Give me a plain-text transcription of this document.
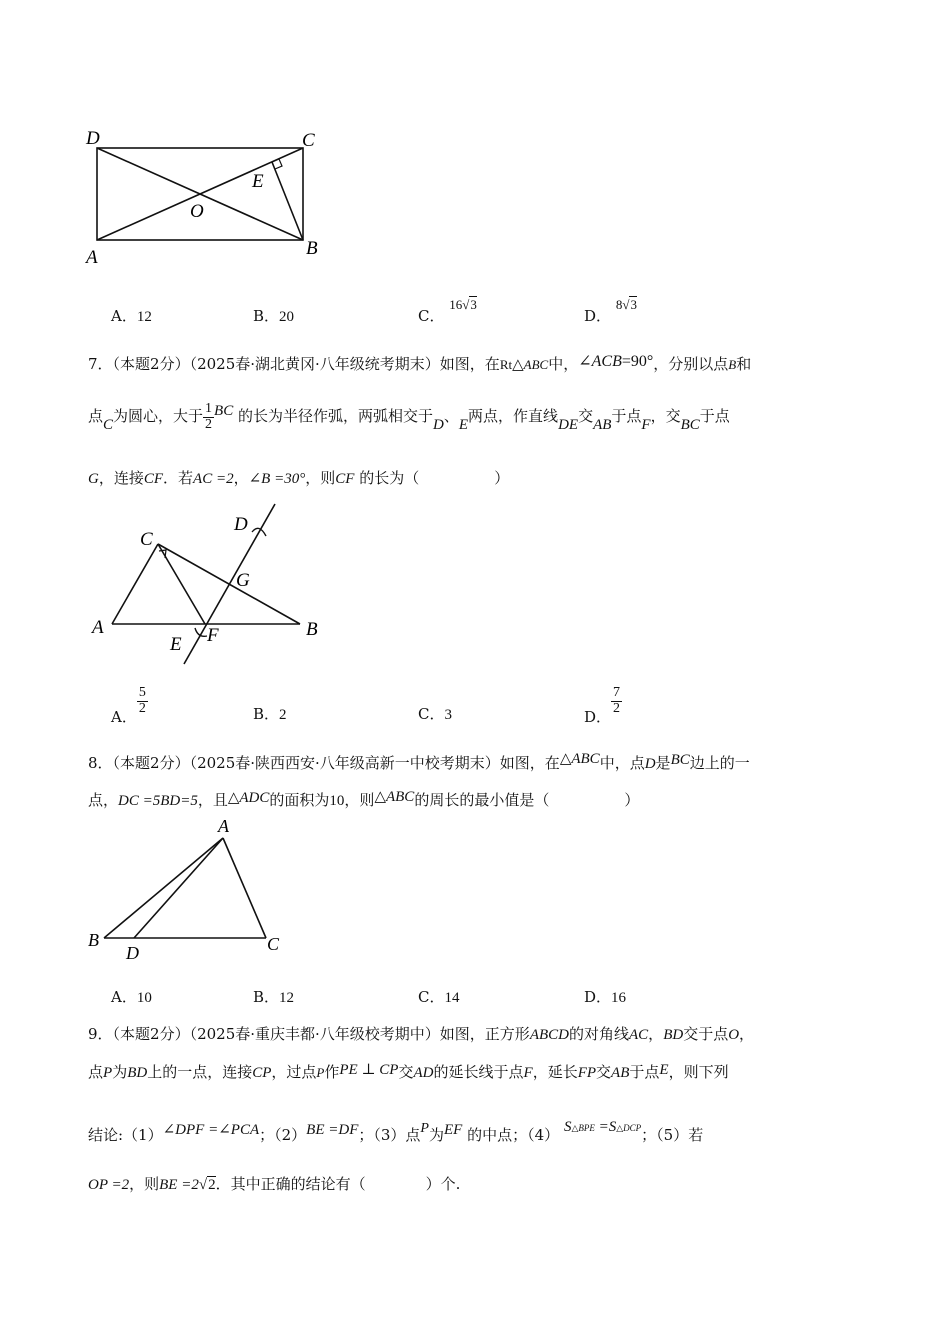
D	C
E
O
A	B
A．12	B．20	C． 16√3
D． 8√3
7．（本题2分）（2025春·湖北黄冈·八年级统考期末）如图，在Rt△ABC中，∠ACB=90°，分别以点B和
点C为圆心，大于 $\frac{1}{2}$ BC 的长为半径作弧，两弧相交于D、E两点，作直线DE交AB于点F，交BC于点
G，连接CF．若AC =2，∠B =30°，则CF 的长为（　　　　　）
C
D
G
A	B
E F
A．
$\frac{5}{2}$	B．2	C．3	D．
$\frac{7}{2}$
8．（本题2分）（2025春·陕西西安·八年级高新一中校考期末）如图，在△ABC中，点D是BC边上的一
点，DC =5BD=5，且△ADC的面积为10，则△ABC的周长的最小值是（　　　　　）
A
B
D	C
A．10	B．12	C．14	D．16
9．（本题2分）（2025春·重庆丰都·八年级校考期中）如图，正方形ABCD的对角线AC，BD交于点O，
点P为BD上的一点，连接CP，过点P作PE ⊥ CP交AD的延长线于点F，延长FP交AB于点E，则下列
结论:（1）∠DPF =∠PCA；（2）BE =DF；（3）点P为EF 的中点；（4） S△BPE =S△DCP；（5）若
OP =2，则BE =2√2．其中正确的结论有（　　　　）个.
